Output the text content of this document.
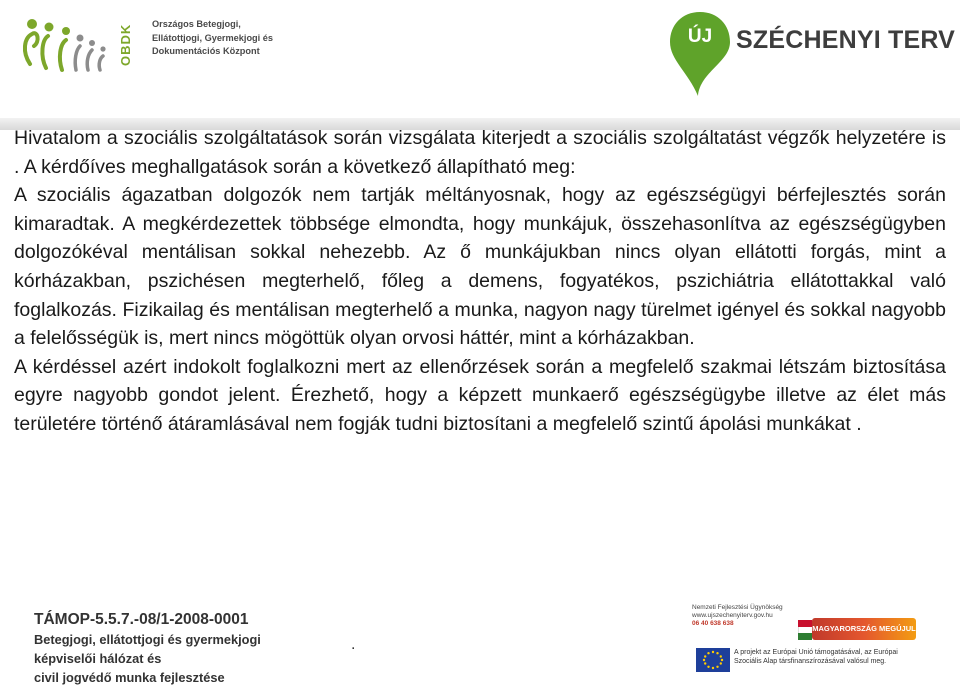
OBDK	Országos Betegjogi,
Ellátottjogi, Gyermekjogi és
Dokumentációs Központ
ÚJ SZÉCHENYI TERV

Hivatalom a szociális szolgáltatások során vizsgálata kiterjedt a szociális szolgáltatást végzők helyzetére is . A kérdőíves meghallgatások során a következő állapítható meg:

A szociális ágazatban dolgozók nem tartják méltányosnak, hogy az egészségügyi bérfejlesztés során kimaradtak. A megkérdezettek többsége elmondta, hogy munkájuk, összehasonlítva az egészségügyben dolgozókéval mentálisan sokkal nehezebb. Az ő munkájukban nincs olyan ellátotti forgás, mint a kórházakban, pszichésen megterhelő, főleg a demens, fogyatékos, pszichiátria ellátottakkal való foglalkozás. Fizikailag és mentálisan megterhelő a munka, nagyon nagy türelmet igényel és sokkal nagyobb a felelősségük is, mert nincs mögöttük olyan orvosi háttér, mint a kórházakban.

A kérdéssel azért indokolt foglalkozni mert az ellenőrzések során a megfelelő szakmai létszám biztosítása egyre nagyobb gondot jelent. Érezhető, hogy a képzett munkaerő egészségügybe illetve az élet más területére történő átáramlásával nem fogják tudni biztosítani a megfelelő szintű ápolási munkákat .

TÁMOP-5.5.7.-08/1-2008-0001
Betegjogi, ellátottjogi és gyermekjogi
képviselői hálózat és
civil jogvédő munka fejlesztése
.
Nemzeti Fejlesztési Ügynökség
www.ujszechenyiterv.gov.hu
06 40 638 638
MAGYARORSZÁG MEGÚJUL
A projekt az Európai Unió támogatásával, az Európai
Szociális Alap társfinanszírozásával valósul meg.
